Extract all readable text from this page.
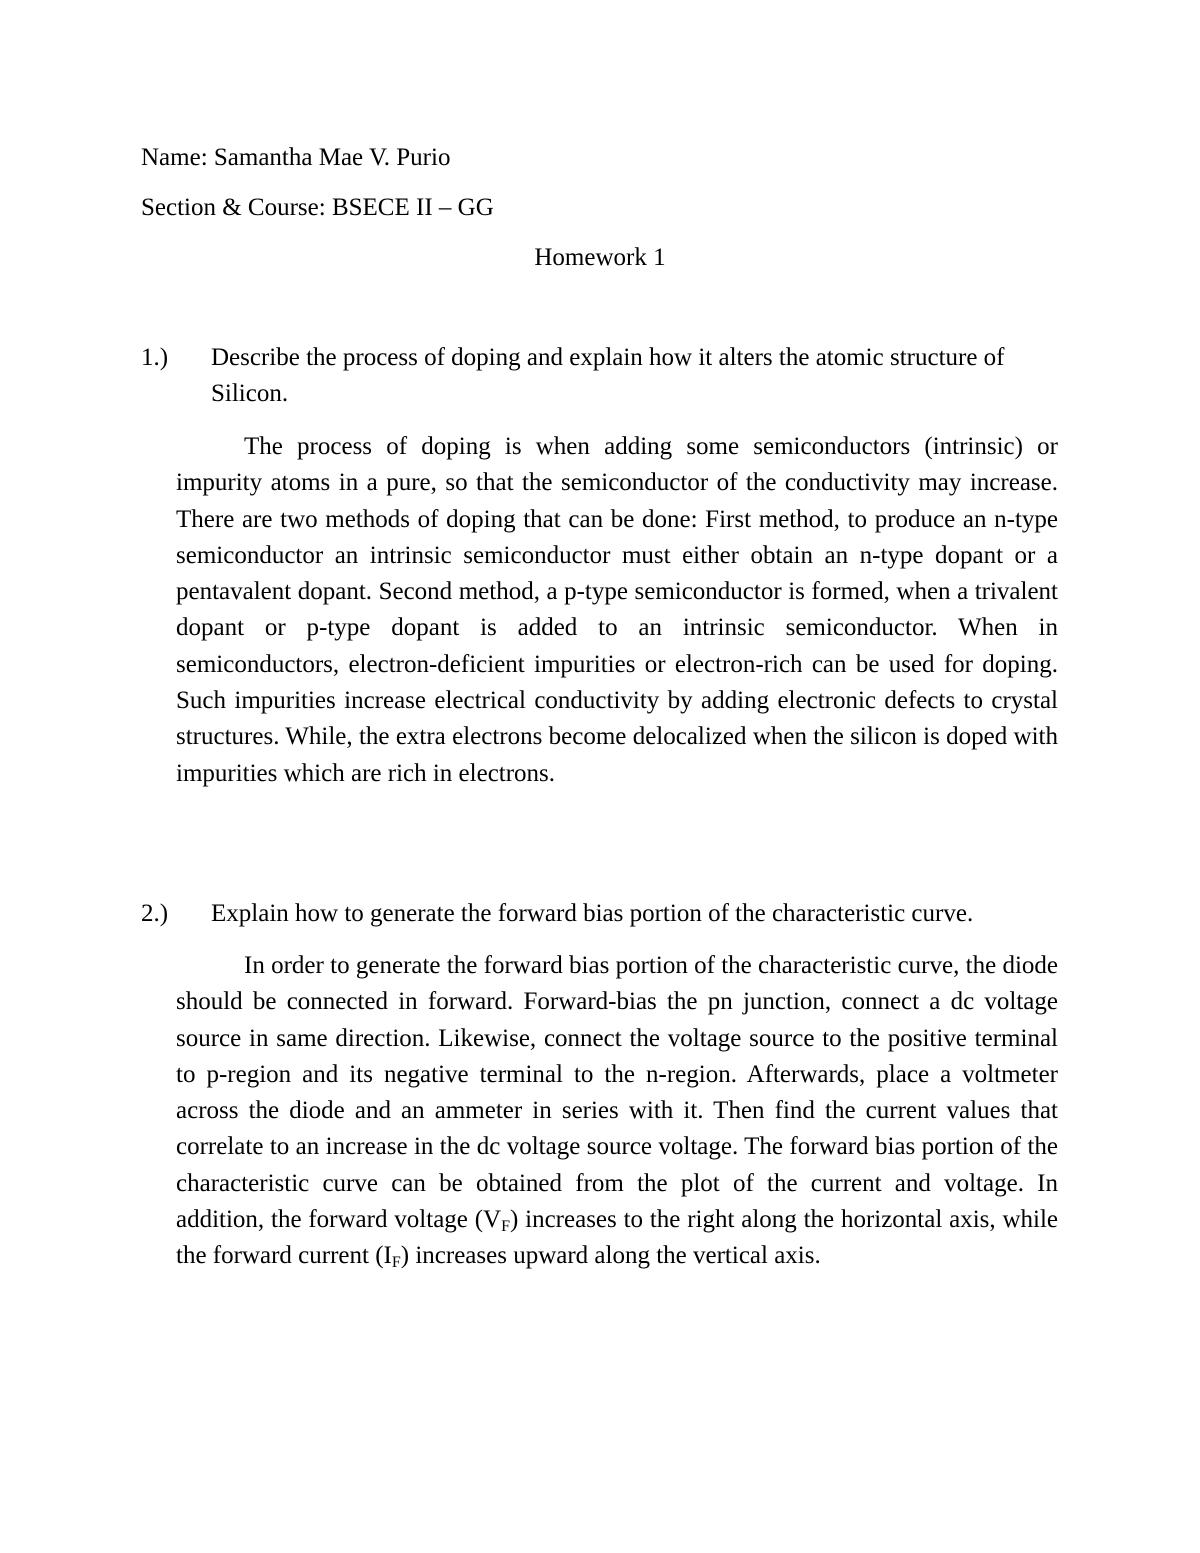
Name: Samantha Mae V. Purio
Section & Course: BSECE II – GG
Homework 1
1.) Describe the process of doping and explain how it alters the atomic structure of Silicon.
The process of doping is when adding some semiconductors (intrinsic) or impurity atoms in a pure, so that the semiconductor of the conductivity may increase. There are two methods of doping that can be done: First method, to produce an n-type semiconductor an intrinsic semiconductor must either obtain an n-type dopant or a pentavalent dopant. Second method, a p-type semiconductor is formed, when a trivalent dopant or p-type dopant is added to an intrinsic semiconductor. When in semiconductors, electron-deficient impurities or electron-rich can be used for doping. Such impurities increase electrical conductivity by adding electronic defects to crystal structures. While, the extra electrons become delocalized when the silicon is doped with impurities which are rich in electrons.
2.)	Explain how to generate the forward bias portion of the characteristic curve.
In order to generate the forward bias portion of the characteristic curve, the diode should be connected in forward. Forward-bias the pn junction, connect a dc voltage source in same direction. Likewise, connect the voltage source to the positive terminal to p-region and its negative terminal to the n-region. Afterwards, place a voltmeter across the diode and an ammeter in series with it. Then find the current values that correlate to an increase in the dc voltage source voltage. The forward bias portion of the characteristic curve can be obtained from the plot of the current and voltage. In addition, the forward voltage $(V_F)$ increases to the right along the horizontal axis, while the forward current $(I_F)$ increases upward along the vertical axis.
